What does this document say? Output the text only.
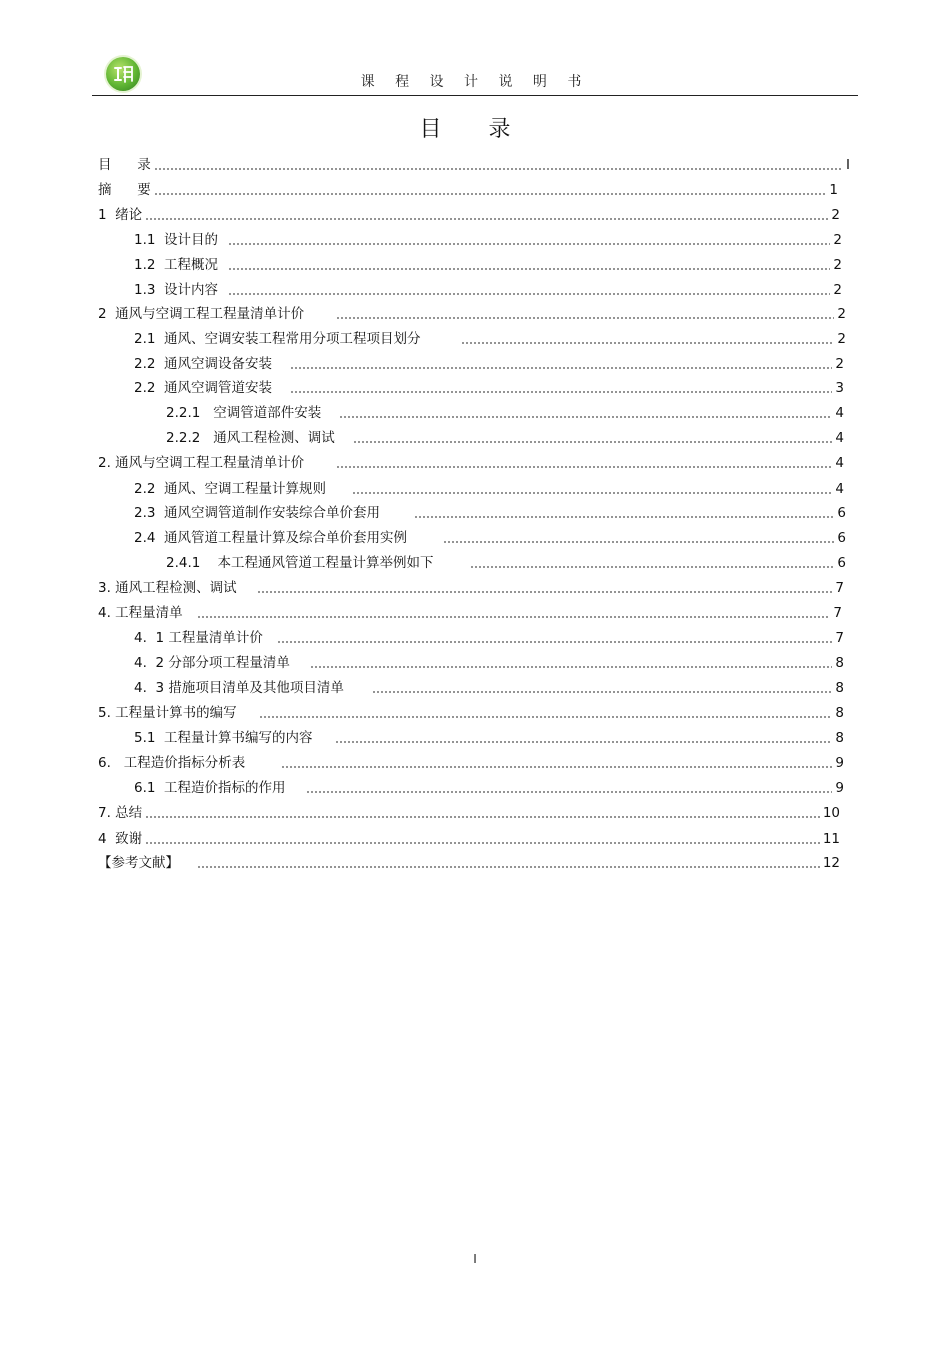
课 程 设 计 说 明 书
目 录
目      录	I
摘      要	1
1  绪论	2
1.1  设计目的	2
1.2  工程概况	2
1.3  设计内容	2
2  通风与空调工程工程量清单计价	2
2.1  通风、空调安装工程常用分项工程项目划分	2
2.2  通风空调设备安装	2
2.2  通风空调管道安装	3
2.2.1   空调管道部件安装	4
2.2.2   通风工程检测、调试	4
2. 通风与空调工程工程量清单计价	4
2.2  通风、空调工程量计算规则	4
2.3  通风空调管道制作安装综合单价套用	6
2.4  通风管道工程量计算及综合单价套用实例	6
2.4.1    本工程通风管道工程量计算举例如下	6
3. 通风工程检测、调试	7
4. 工程量清单	7
4.  1 工程量清单计价	7
4.  2 分部分项工程量清单	8
4.  3 措施项目清单及其他项目清单	8
5. 工程量计算书的编写	8
5.1  工程量计算书编写的内容	8
6.   工程造价指标分析表	9
6.1  工程造价指标的作用	9
7. 总结	10
4  致谢	11
【参考文献】	12
I
